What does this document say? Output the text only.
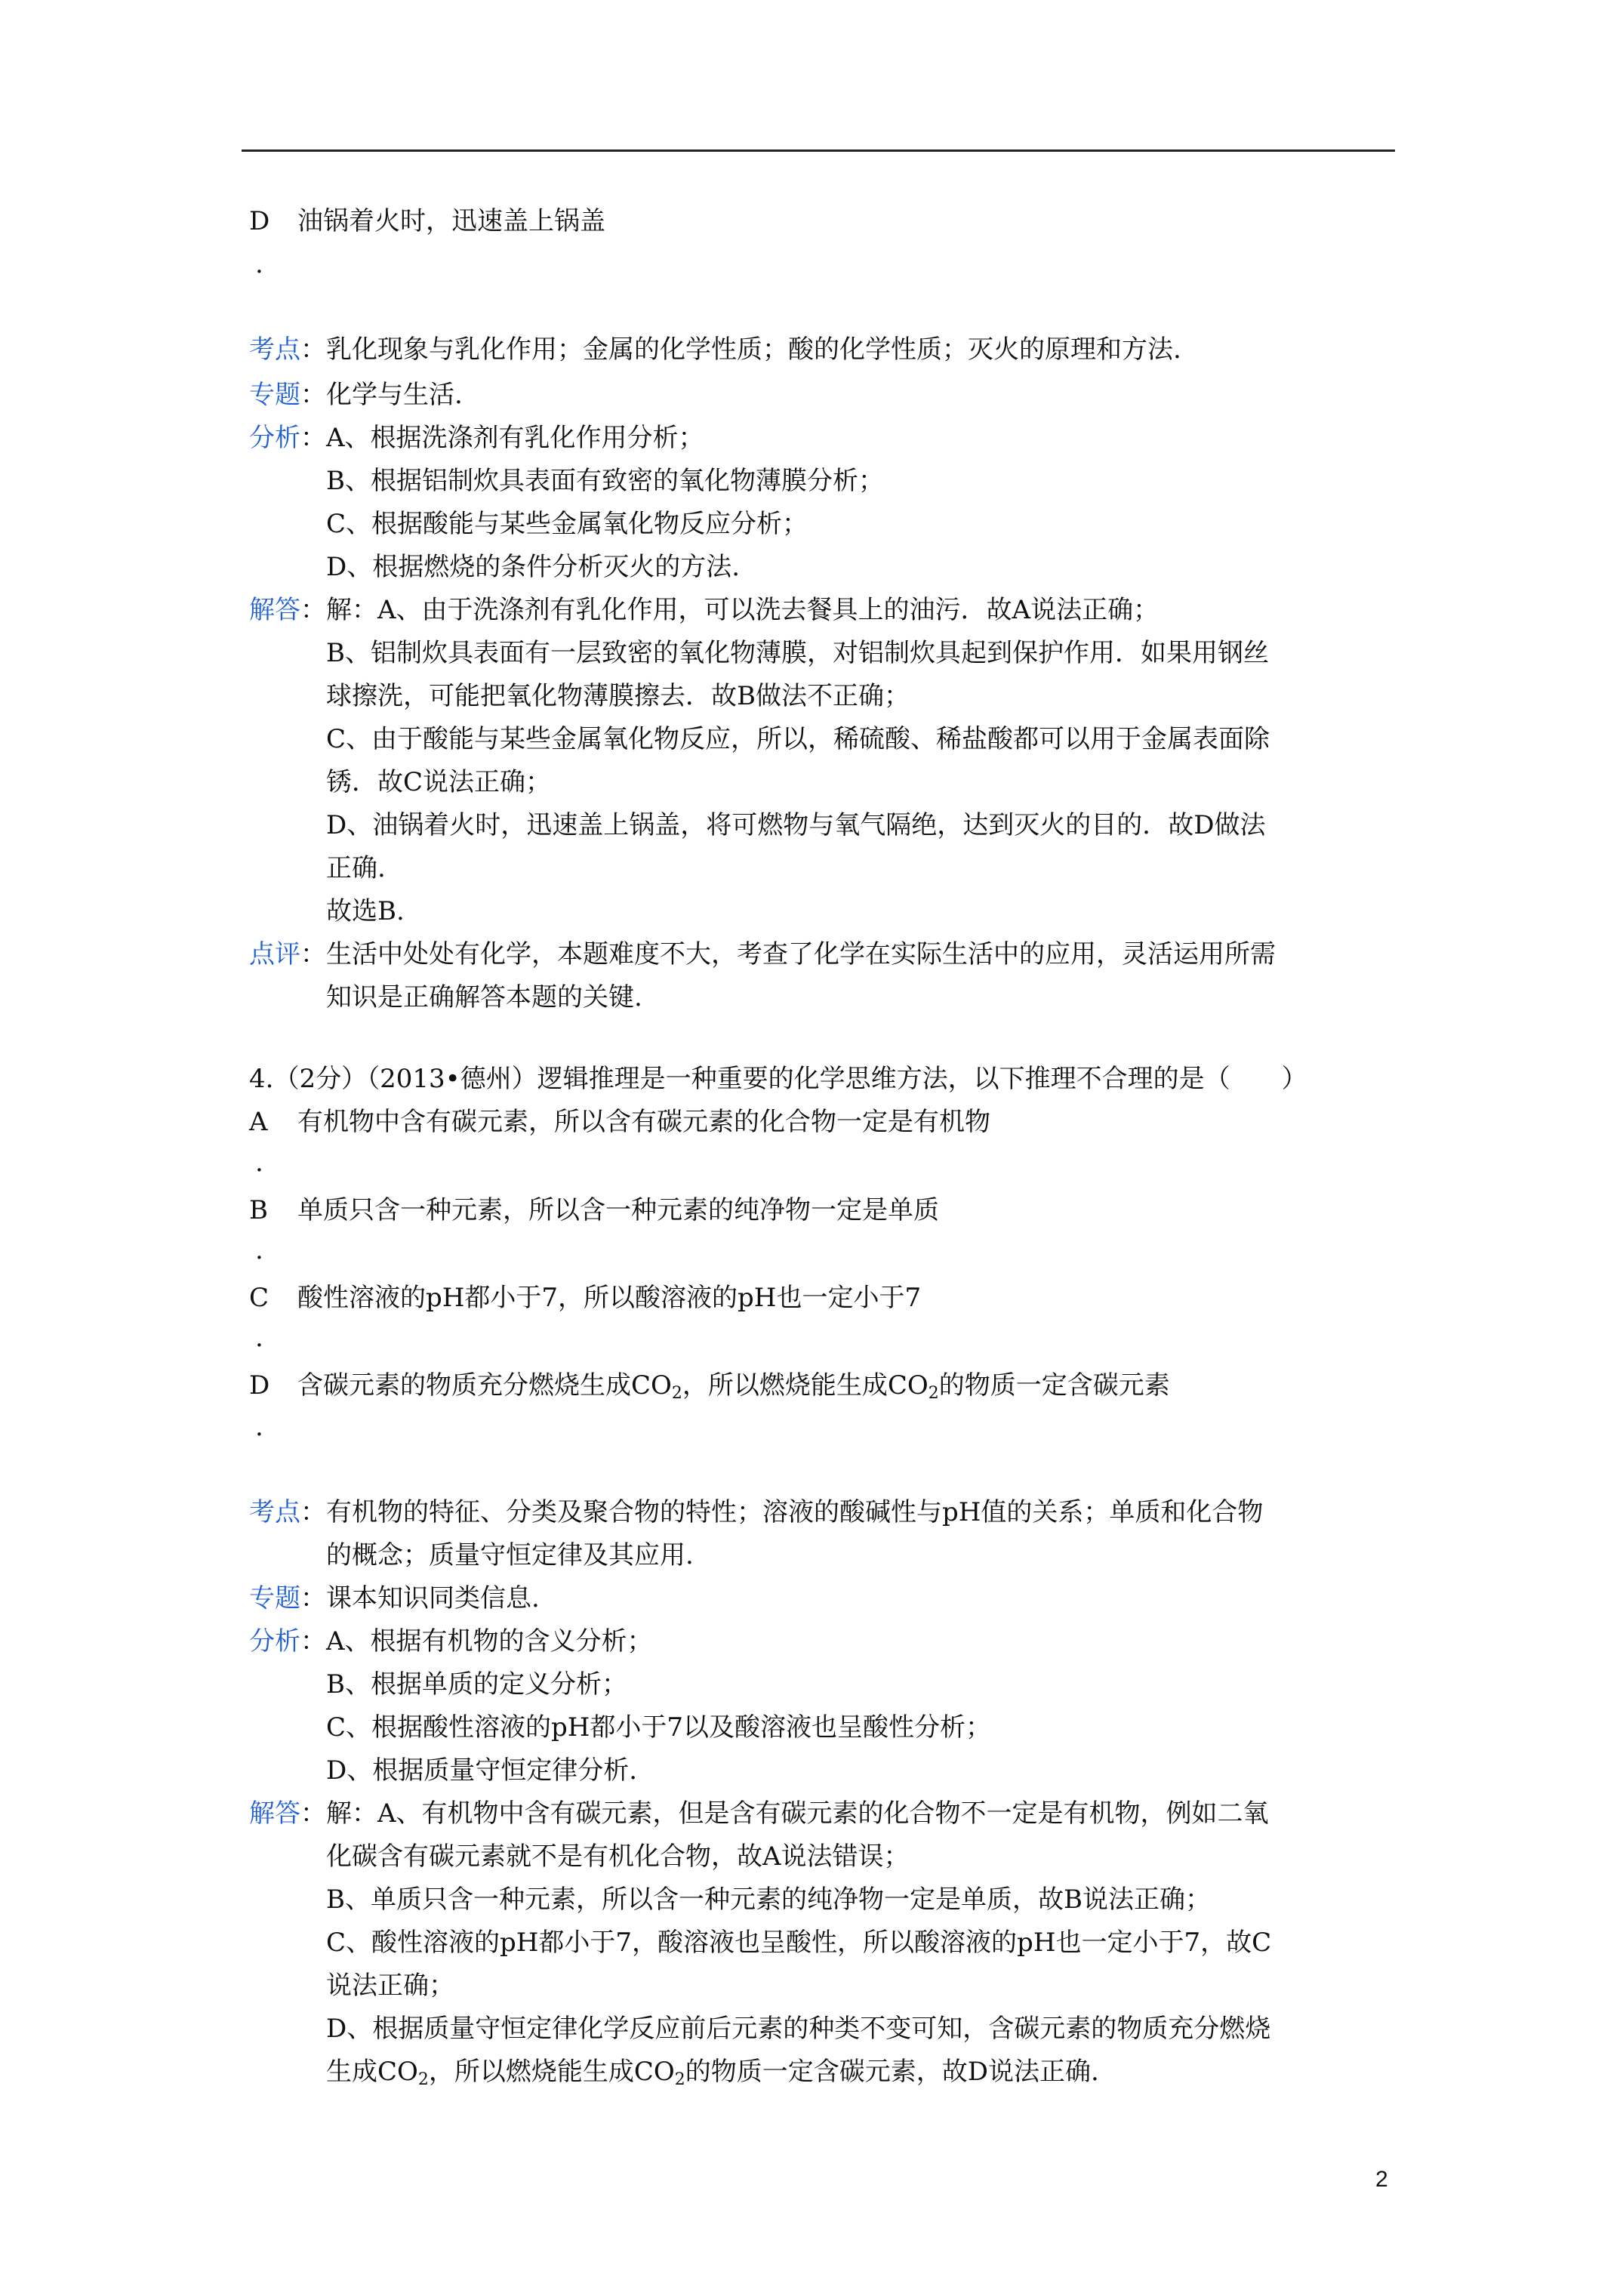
D 油锅着火时，迅速盖上锅盖
.
考点：乳化现象与乳化作用；金属的化学性质；酸的化学性质；灭火的原理和方法.
专题：化学与生活.
分析：A、根据洗涤剂有乳化作用分析；
B、根据铝制炊具表面有致密的氧化物薄膜分析；
C、根据酸能与某些金属氧化物反应分析；
D、根据燃烧的条件分析灭火的方法.
解答：解：A、由于洗涤剂有乳化作用，可以洗去餐具上的油污．故A说法正确；
B、铝制炊具表面有一层致密的氧化物薄膜，对铝制炊具起到保护作用．如果用钢丝
球擦洗，可能把氧化物薄膜擦去．故B做法不正确；
C、由于酸能与某些金属氧化物反应，所以，稀硫酸、稀盐酸都可以用于金属表面除
锈．故C说法正确；
D、油锅着火时，迅速盖上锅盖，将可燃物与氧气隔绝，达到灭火的目的．故D做法
正确.
故选B.
点评：生活中处处有化学，本题难度不大，考查了化学在实际生活中的应用，灵活运用所需
知识是正确解答本题的关键.
4.（2分）（2013•德州）逻辑推理是一种重要的化学思维方法，以下推理不合理的是（　　）
A 有机物中含有碳元素，所以含有碳元素的化合物一定是有机物
.
B 单质只含一种元素，所以含一种元素的纯净物一定是单质
.
C 酸性溶液的pH都小于7，所以酸溶液的pH也一定小于7
.
D 含碳元素的物质充分燃烧生成$CO_2$，所以燃烧能生成$CO_2$的物质一定含碳元素
.
考点：有机物的特征、分类及聚合物的特性；溶液的酸碱性与pH值的关系；单质和化合物
的概念；质量守恒定律及其应用.
专题：课本知识同类信息.
分析：A、根据有机物的含义分析；
B、根据单质的定义分析；
C、根据酸性溶液的pH都小于7以及酸溶液也呈酸性分析；
D、根据质量守恒定律分析.
解答：解：A、有机物中含有碳元素，但是含有碳元素的化合物不一定是有机物，例如二氧
化碳含有碳元素就不是有机化合物，故A说法错误；
B、单质只含一种元素，所以含一种元素的纯净物一定是单质，故B说法正确；
C、酸性溶液的pH都小于7，酸溶液也呈酸性，所以酸溶液的pH也一定小于7，故C
说法正确；
D、根据质量守恒定律化学反应前后元素的种类不变可知，含碳元素的物质充分燃烧
生成$CO_2$，所以燃烧能生成$CO_2$的物质一定含碳元素，故D说法正确.
2
